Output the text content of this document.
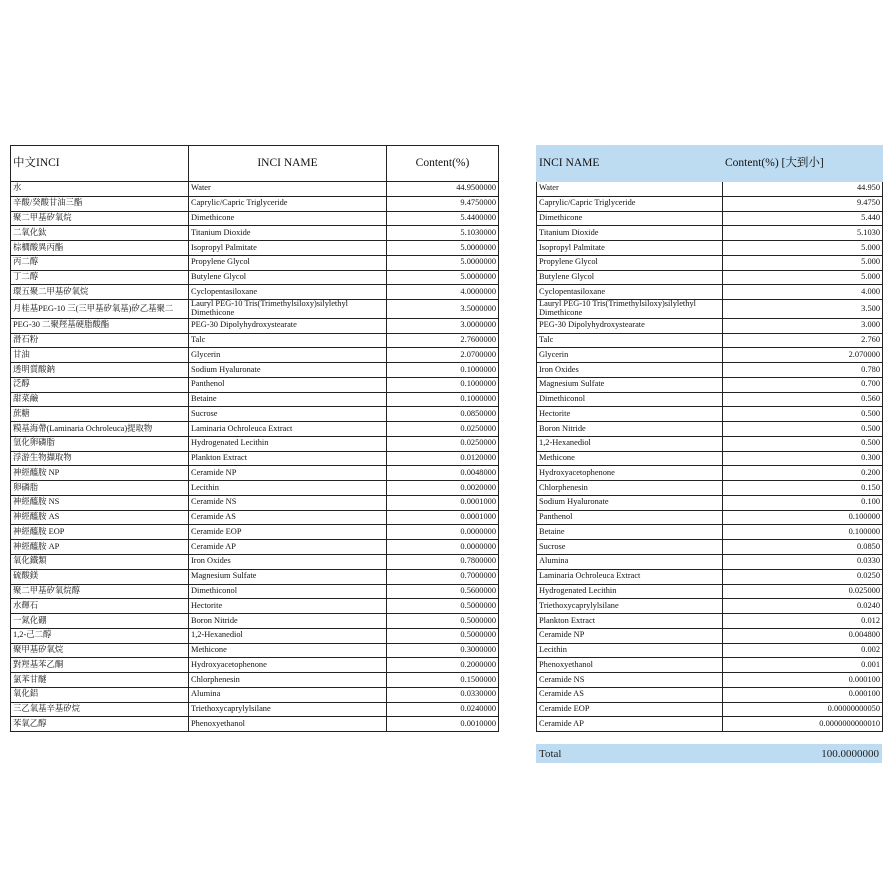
中文INCI	INCI NAME	Content(%)
水	Water	44.9500000
辛酸/癸酸甘油三酯	Caprylic/Capric Triglyceride	9.4750000
聚二甲基矽氧烷	Dimethicone	5.4400000
二氧化鈦	Titanium Dioxide	5.1030000
棕櫚酸異丙酯	Isopropyl Palmitate	5.0000000
丙二醇	Propylene Glycol	5.0000000
丁二醇	Butylene Glycol	5.0000000
環五聚二甲基矽氧烷	Cyclopentasiloxane	4.0000000
月桂基PEG-10 三(三甲基矽氧基)矽乙基聚二	Lauryl PEG-10 Tris(Trimethylsiloxy)silylethyl Dimethicone	3.5000000
PEG-30 二聚羥基硬脂酸酯	PEG-30 Dipolyhydroxystearate	3.0000000
滑石粉	Talc	2.7600000
甘油	Glycerin	2.0700000
透明質酸鈉	Sodium Hyaluronate	0.1000000
泛醇	Panthenol	0.1000000
甜菜鹼	Betaine	0.1000000
蔗糖	Sucrose	0.0850000
糢基海帶(Laminaria Ochroleuca)提取物	Laminaria Ochroleuca Extract	0.0250000
氫化卵磷脂	Hydrogenated Lecithin	0.0250000
浮游生物擷取物	Plankton Extract	0.0120000
神經醯胺 NP	Ceramide NP	0.0048000
卵磷脂	Lecithin	0.0020000
神經醯胺 NS	Ceramide NS	0.0001000
神經醯胺 AS	Ceramide AS	0.0001000
神經醯胺 EOP	Ceramide EOP	0.0000000
神經醯胺 AP	Ceramide AP	0.0000000
氧化鐵類	Iron Oxides	0.7800000
硫酸鎂	Magnesium Sulfate	0.7000000
聚二甲基矽氧烷醇	Dimethiconol	0.5600000
水輝石	Hectorite	0.5000000
一氮化硼	Boron Nitride	0.5000000
1,2-己二醇	1,2-Hexanediol	0.5000000
聚甲基矽氧烷	Methicone	0.3000000
對羥基苯乙酮	Hydroxyacetophenone	0.2000000
氯苯甘醚	Chlorphenesin	0.1500000
氧化鋁	Alumina	0.0330000
三乙氧基辛基矽烷	Triethoxycaprylylsilane	0.0240000
苯氧乙醇	Phenoxyethanol	0.0010000
INCI NAME	Content(%) [大到小]
Water	44.950
Caprylic/Capric Triglyceride	9.4750
Dimethicone	5.440
Titanium Dioxide	5.1030
Isopropyl Palmitate	5.000
Propylene Glycol	5.000
Butylene Glycol	5.000
Cyclopentasiloxane	4.000
Lauryl PEG-10 Tris(Trimethylsiloxy)silylethyl Dimethicone	3.500
PEG-30 Dipolyhydroxystearate	3.000
Talc	2.760
Glycerin	2.070000
Iron Oxides	0.780
Magnesium Sulfate	0.700
Dimethiconol	0.560
Hectorite	0.500
Boron Nitride	0.500
1,2-Hexanediol	0.500
Methicone	0.300
Hydroxyacetophenone	0.200
Chlorphenesin	0.150
Sodium Hyaluronate	0.100
Panthenol	0.100000
Betaine	0.100000
Sucrose	0.0850
Alumina	0.0330
Laminaria Ochroleuca Extract	0.0250
Hydrogenated Lecithin	0.025000
Triethoxycaprylylsilane	0.0240
Plankton Extract	0.012
Ceramide NP	0.004800
Lecithin	0.002
Phenoxyethanol	0.001
Ceramide NS	0.000100
Ceramide AS	0.000100
Ceramide EOP	0.00000000050
Ceramide AP	0.0000000000010
Total	100.0000000
